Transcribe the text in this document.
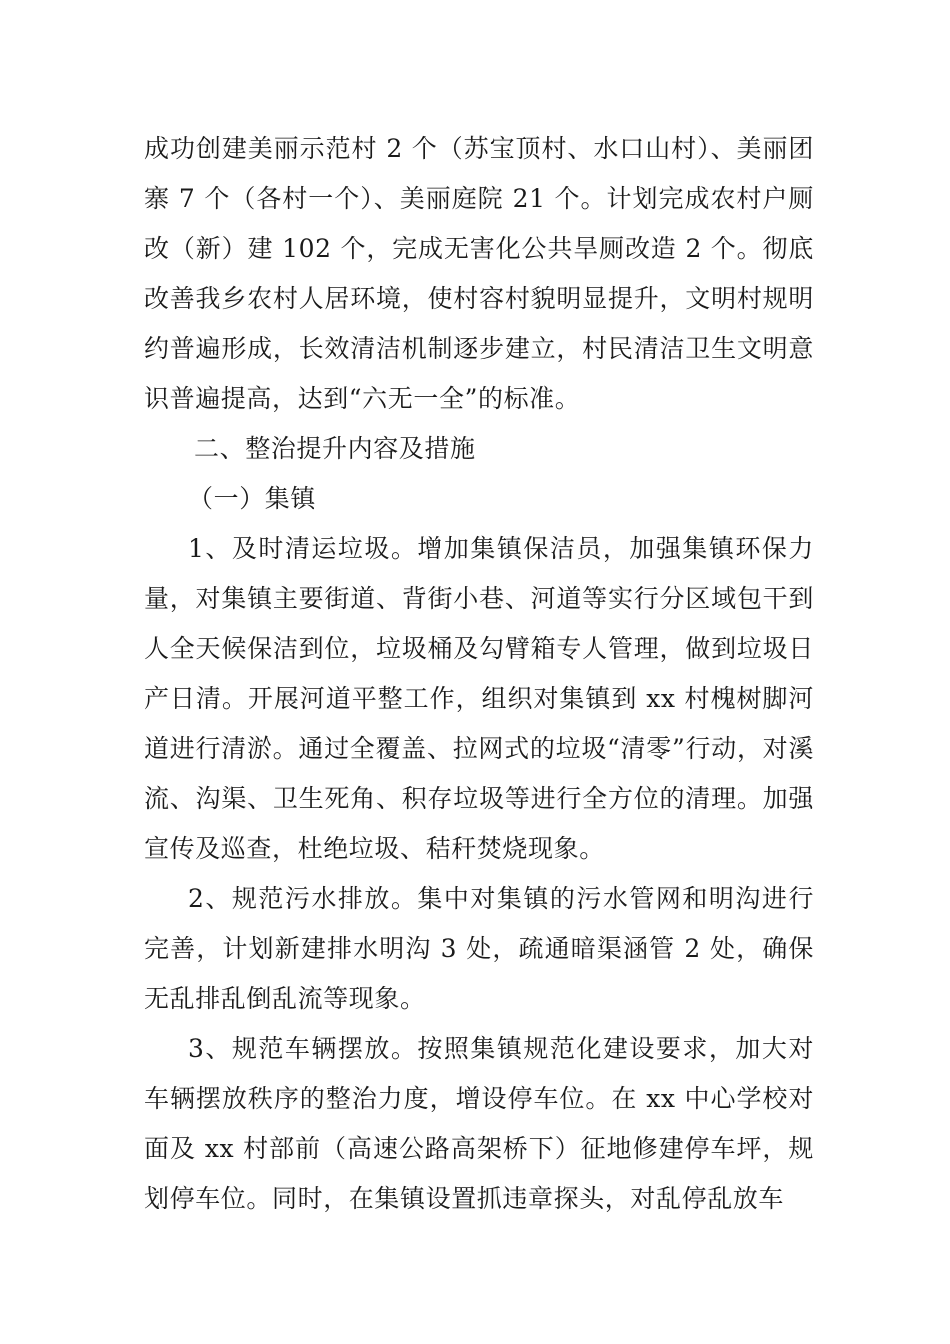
成功创建美丽示范村 2 个（苏宝顶村、水口山村）、美丽团寨 7 个（各村一个）、美丽庭院 21 个。计划完成农村户厕改（新）建 102 个，完成无害化公共旱厕改造 2 个。彻底改善我乡农村人居环境，使村容村貌明显提升，文明村规明约普遍形成，长效清洁机制逐步建立，村民清洁卫生文明意识普遍提高，达到“六无一全”的标准。

二、整治提升内容及措施

（一）集镇

1、及时清运垃圾。增加集镇保洁员，加强集镇环保力量，对集镇主要街道、背街小巷、河道等实行分区域包干到人全天候保洁到位，垃圾桶及勾臂箱专人管理，做到垃圾日产日清。开展河道平整工作，组织对集镇到 xx 村槐树脚河道进行清淤。通过全覆盖、拉网式的垃圾“清零”行动，对溪流、沟渠、卫生死角、积存垃圾等进行全方位的清理。加强宣传及巡查，杜绝垃圾、秸秆焚烧现象。

2、规范污水排放。集中对集镇的污水管网和明沟进行完善，计划新建排水明沟 3 处，疏通暗渠涵管 2 处，确保无乱排乱倒乱流等现象。

3、规范车辆摆放。按照集镇规范化建设要求，加大对车辆摆放秩序的整治力度，增设停车位。在 xx 中心学校对面及 xx 村部前（高速公路高架桥下）征地修建停车坪，规划停车位。同时，在集镇设置抓违章探头，对乱停乱放车
